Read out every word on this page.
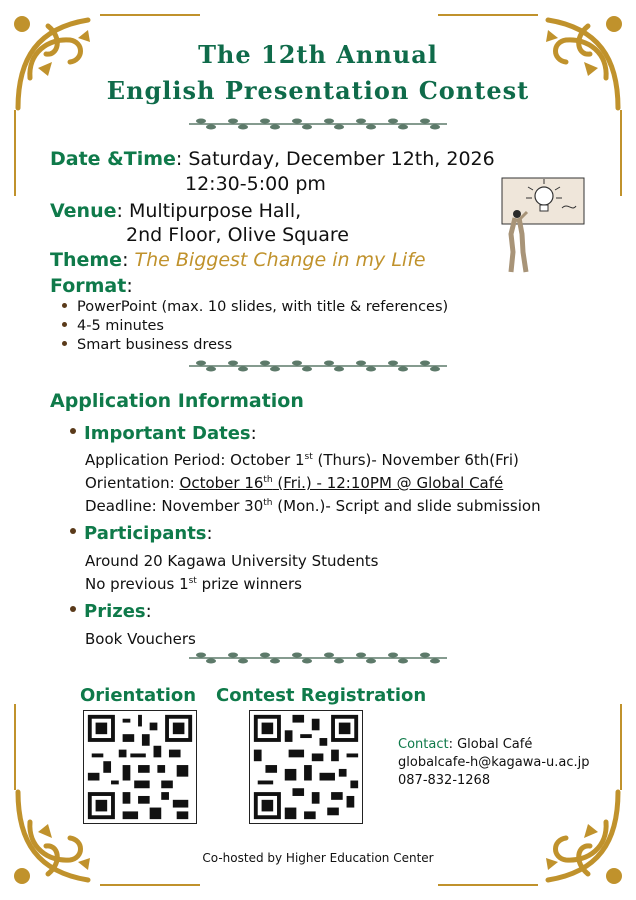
The 12th Annual
English Presentation Contest
Date &Time: Saturday, December 12th, 2026
12:30-5:00 pm
Venue: Multipurpose Hall,
2nd Floor, Olive Square
Theme: The Biggest Change in my Life
Format:
PowerPoint (max. 10 slides, with title & references)
4-5 minutes
Smart business dress
Application Information
Important Dates:
Application Period: October 1st (Thurs)- November 6th(Fri)
Orientation: October 16th (Fri.) - 12:10PM @ Global Café
Deadline: November 30th (Mon.)- Script and slide submission
Participants:
Around 20 Kagawa University Students
No previous 1st prize winners
Prizes:
Book Vouchers
Orientation Contest Registration
Contact: Global Café
globalcafe-h@kagawa-u.ac.jp
087-832-1268
Co-hosted by Higher Education Center
